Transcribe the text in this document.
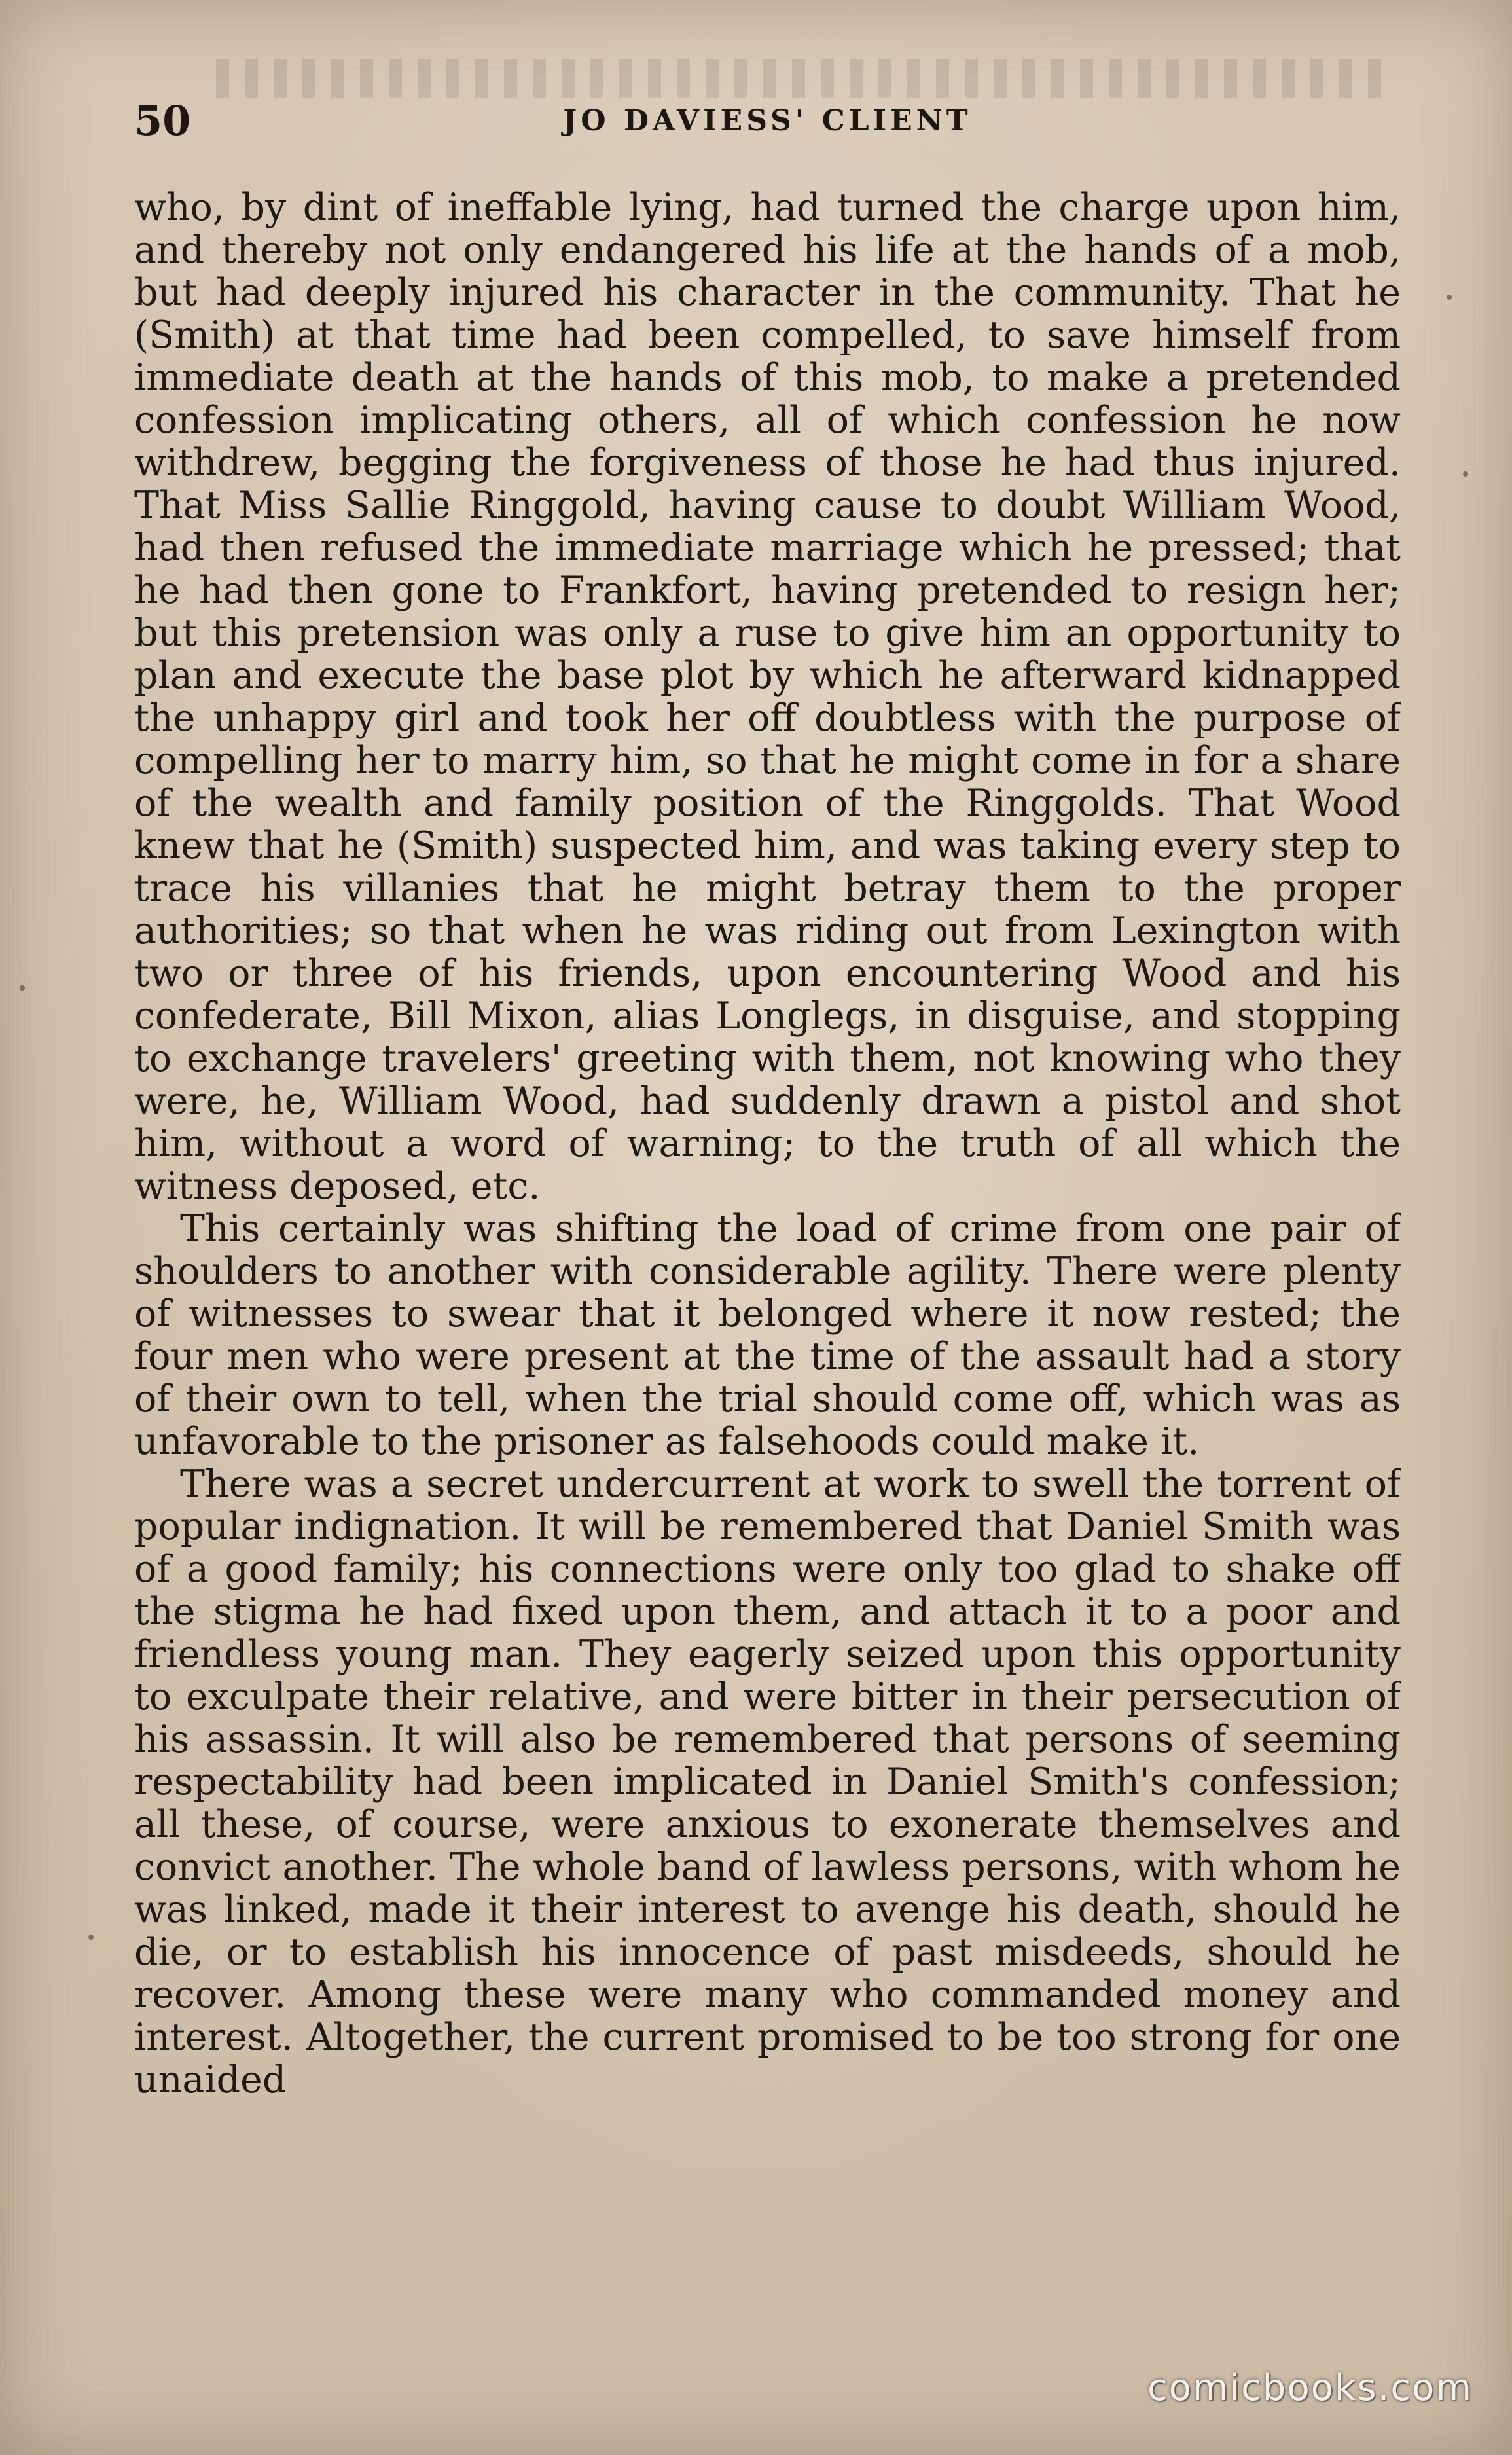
50	JO DAVIESS' CLIENT

who, by dint of ineffable lying, had turned the charge upon him, and thereby not only endangered his life at the hands of a mob, but had deeply injured his character in the community. That he (Smith) at that time had been compelled, to save himself from immediate death at the hands of this mob, to make a pretended confession implicating others, all of which confession he now withdrew, begging the forgiveness of those he had thus injured. That Miss Sallie Ringgold, having cause to doubt William Wood, had then refused the immediate marriage which he pressed; that he had then gone to Frankfort, having pretended to resign her; but this pretension was only a ruse to give him an opportunity to plan and execute the base plot by which he afterward kidnapped the unhappy girl and took her off doubtless with the purpose of compelling her to marry him, so that he might come in for a share of the wealth and family position of the Ringgolds. That Wood knew that he (Smith) suspected him, and was taking every step to trace his villanies that he might betray them to the proper authorities; so that when he was riding out from Lexington with two or three of his friends, upon encountering Wood and his confederate, Bill Mixon, alias Longlegs, in disguise, and stopping to exchange travelers' greeting with them, not knowing who they were, he, William Wood, had suddenly drawn a pistol and shot him, without a word of warning; to the truth of all which the witness deposed, etc.

This certainly was shifting the load of crime from one pair of shoulders to another with considerable agility. There were plenty of witnesses to swear that it belonged where it now rested; the four men who were present at the time of the assault had a story of their own to tell, when the trial should come off, which was as unfavorable to the prisoner as falsehoods could make it.

There was a secret undercurrent at work to swell the torrent of popular indignation. It will be remembered that Daniel Smith was of a good family; his connections were only too glad to shake off the stigma he had fixed upon them, and attach it to a poor and friendless young man. They eagerly seized upon this opportunity to exculpate their relative, and were bitter in their persecution of his assassin. It will also be remembered that persons of seeming respectability had been implicated in Daniel Smith's confession; all these, of course, were anxious to exonerate themselves and convict another. The whole band of lawless persons, with whom he was linked, made it their interest to avenge his death, should he die, or to establish his innocence of past misdeeds, should he recover. Among these were many who commanded money and interest. Altogether, the current promised to be too strong for one unaided

comicbooks.com
